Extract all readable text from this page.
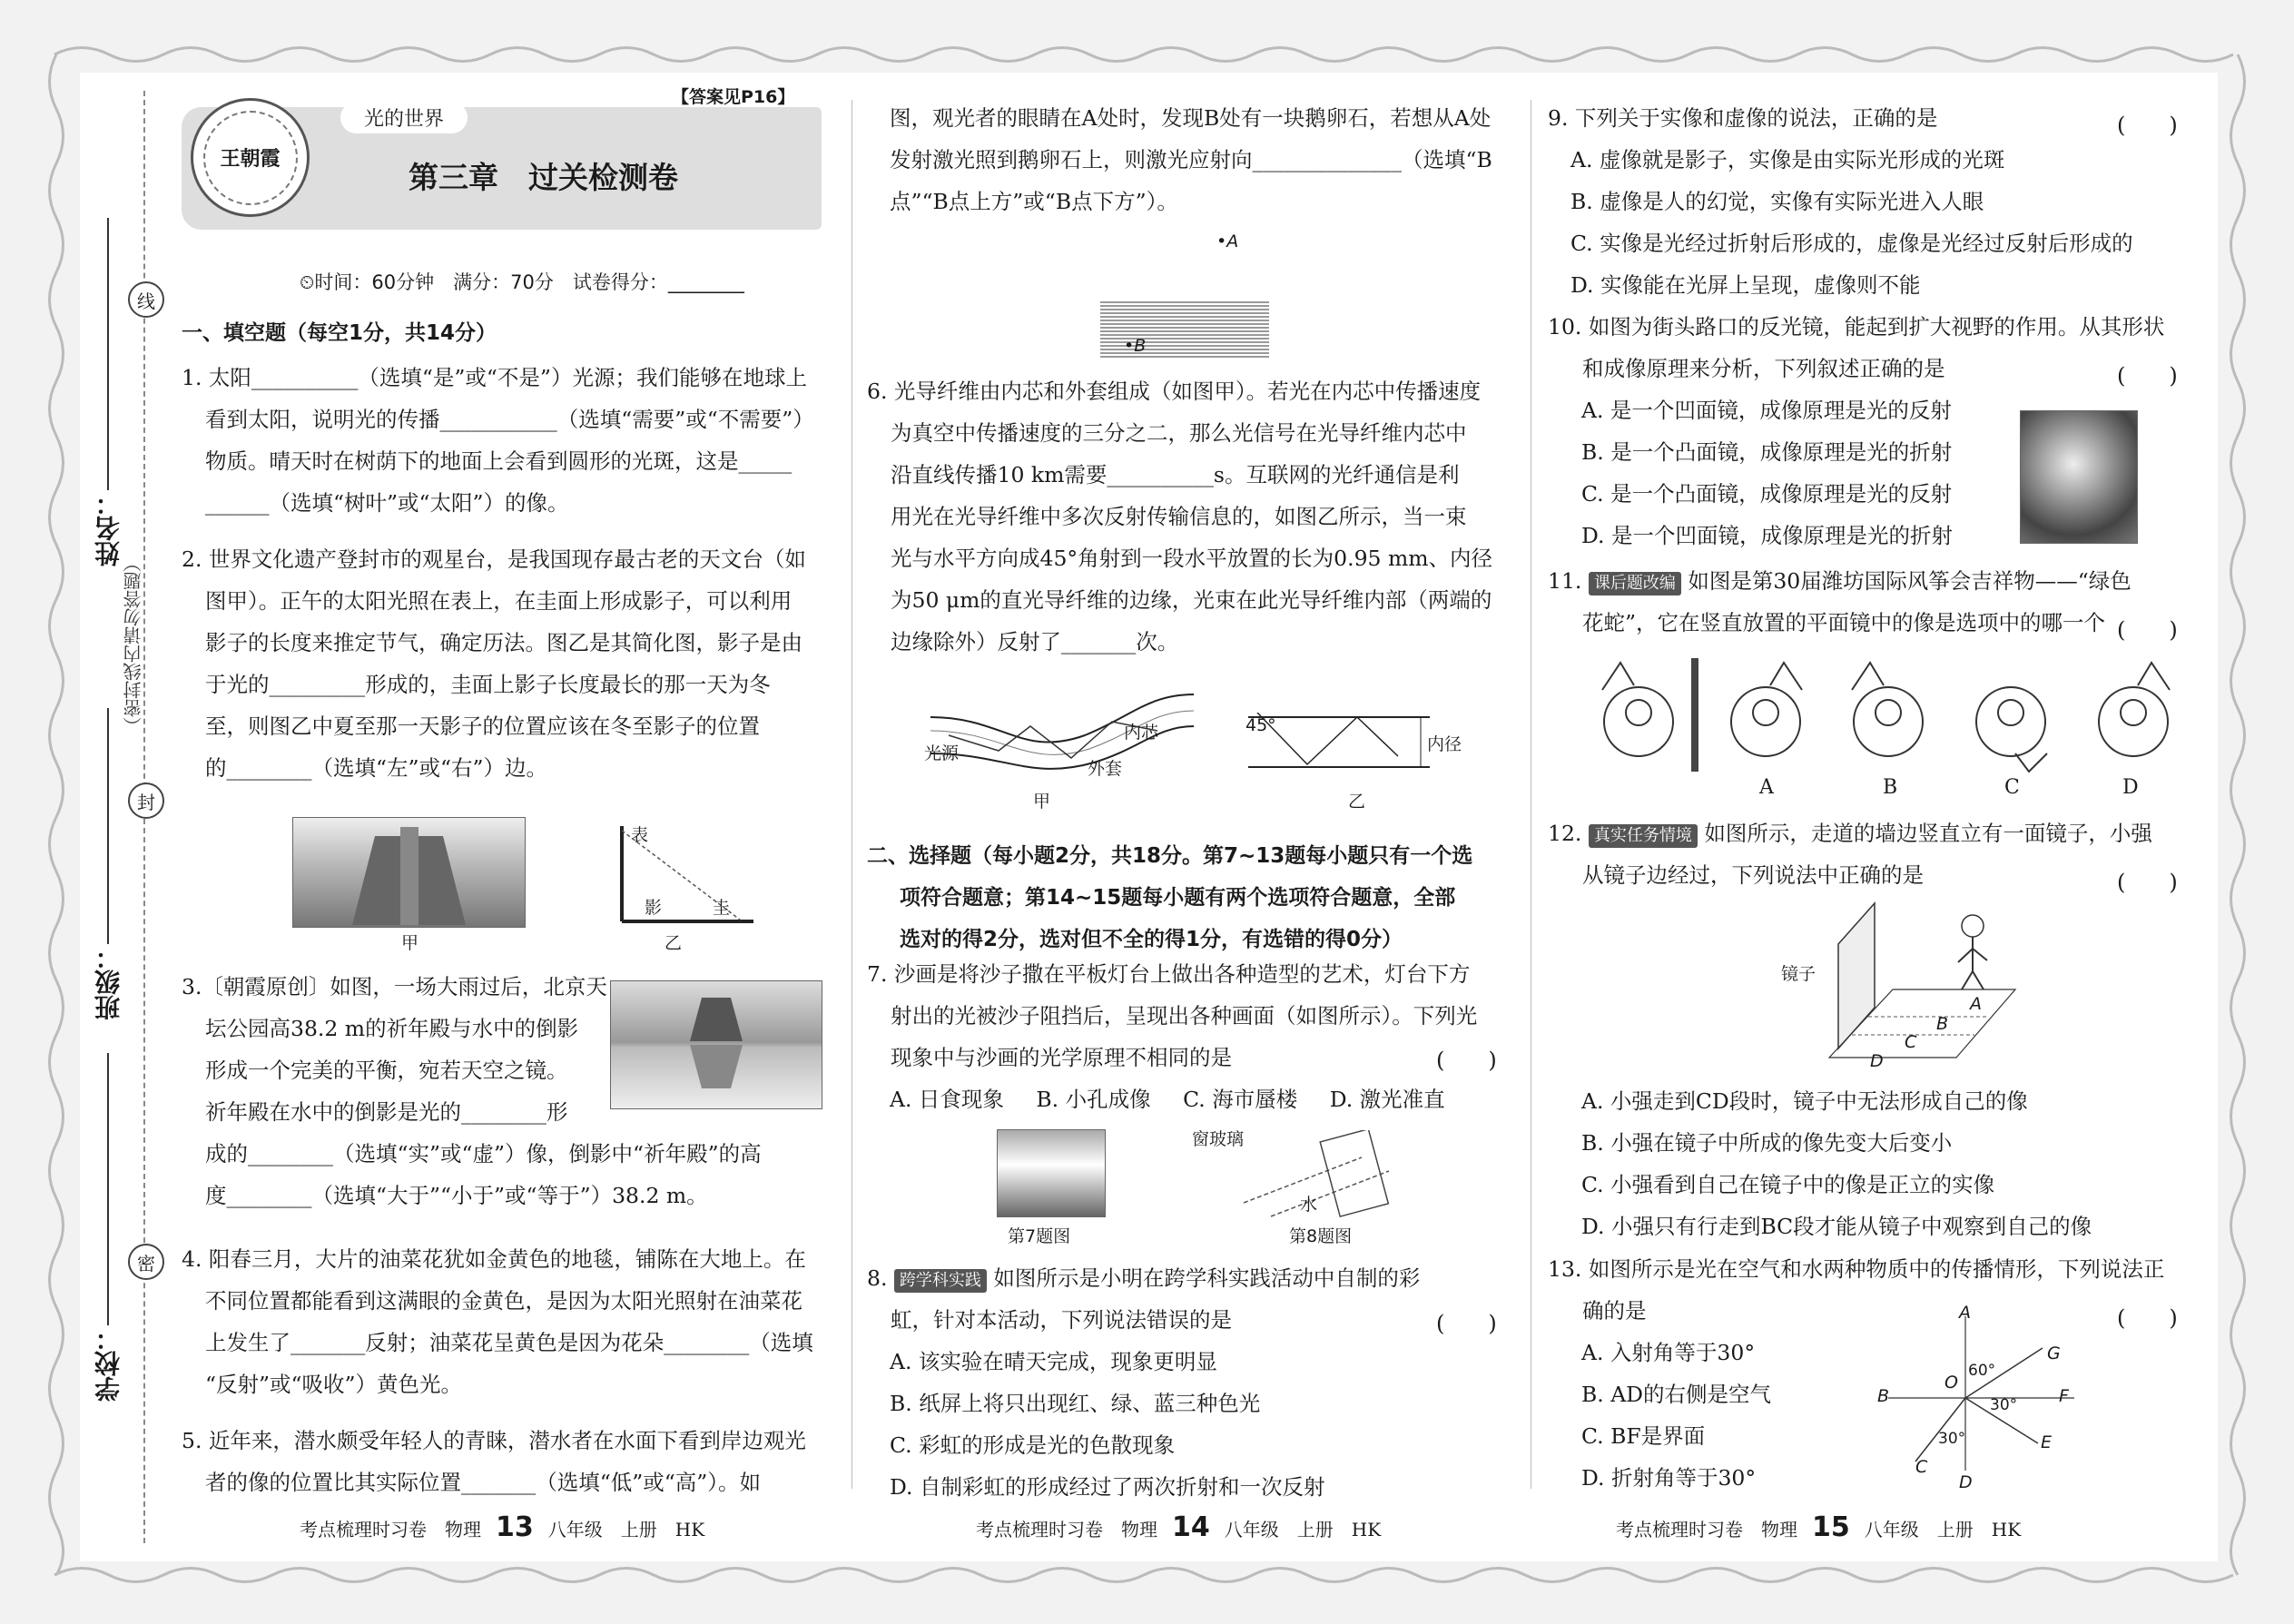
姓名：
班级：
学校：
线
封
密
（密封线内请勿答题）
【答案见P16】
王朝霞
光的世界
第三章　过关检测卷
⏲时间：60分钟　满分：70分　试卷得分：________
一、填空题（每空1分，共14分）
1. 太阳__________（选填“是”或“不是”）光源；我们能够在地球上
看到太阳，说明光的传播___________（选填“需要”或“不需要”）
物质。晴天时在树荫下的地面上会看到圆形的光斑，这是_____
______（选填“树叶”或“太阳”）的像。
2. 世界文化遗产登封市的观星台，是我国现存最古老的天文台（如
图甲）。正午的太阳光照在表上，在圭面上形成影子，可以利用
影子的长度来推定节气，确定历法。图乙是其简化图，影子是由
于光的_________形成的，圭面上影子长度最长的那一天为冬
至，则图乙中夏至那一天影子的位置应该在冬至影子的位置
的________（选填“左”或“右”）边。
甲
表
影	圭
乙
3.〔朝霞原创〕如图，一场大雨过后，北京天
坛公园高38.2 m的祈年殿与水中的倒影
形成一个完美的平衡，宛若天空之镜。
祈年殿在水中的倒影是光的________形
成的________（选填“实”或“虚”）像，倒影中“祈年殿”的高
度________（选填“大于”“小于”或“等于”）38.2 m。
4. 阳春三月，大片的油菜花犹如金黄色的地毯，铺陈在大地上。在
不同位置都能看到这满眼的金黄色，是因为太阳光照射在油菜花
上发生了_______反射；油菜花呈黄色是因为花朵________（选填
“反射”或“吸收”）黄色光。
5. 近年来，潜水颇受年轻人的青睐，潜水者在水面下看到岸边观光
者的像的位置比其实际位置_______（选填“低”或“高”）。如
图，观光者的眼睛在A处时，发现B处有一块鹅卵石，若想从A处
发射激光照到鹅卵石上，则激光应射向______________（选填“B
点”“B点上方”或“B点下方”）。
•A
•B
6. 光导纤维由内芯和外套组成（如图甲）。若光在内芯中传播速度
为真空中传播速度的三分之二，那么光信号在光导纤维内芯中
沿直线传播10 km需要__________s。互联网的光纤通信是利
用光在光导纤维中多次反射传输信息的，如图乙所示，当一束
光与水平方向成45°角射到一段水平放置的长为0.95 mm、内径
为50 μm的直光导纤维的边缘，光束在此光导纤维内部（两端的
边缘除外）反射了_______次。
光源
内芯
外套
甲
45°
内径
乙
二、选择题（每小题2分，共18分。第7~13题每小题只有一个选
项符合题意；第14~15题每小题有两个选项符合题意，全部
选对的得2分，选对但不全的得1分，有选错的得0分）
7. 沙画是将沙子撒在平板灯台上做出各种造型的艺术，灯台下方
射出的光被沙子阻挡后，呈现出各种画面（如图所示）。下列光
现象中与沙画的光学原理不相同的是	(　　)
A. 日食现象 B. 小孔成像 C. 海市蜃楼 D. 激光准直
第7题图
窗玻璃
水
第8题图
8. 跨学科实践 如图所示是小明在跨学科实践活动中自制的彩
虹，针对本活动，下列说法错误的是	(　　)
A. 该实验在晴天完成，现象更明显
B. 纸屏上将只出现红、绿、蓝三种色光
C. 彩虹的形成是光的色散现象
D. 自制彩虹的形成经过了两次折射和一次反射
9. 下列关于实像和虚像的说法，正确的是	(　　)
A. 虚像就是影子，实像是由实际光形成的光斑
B. 虚像是人的幻觉，实像有实际光进入人眼
C. 实像是光经过折射后形成的，虚像是光经过反射后形成的
D. 实像能在光屏上呈现，虚像则不能
10. 如图为街头路口的反光镜，能起到扩大视野的作用。从其形状
和成像原理来分析，下列叙述正确的是	(　　)
A. 是一个凹面镜，成像原理是光的反射
B. 是一个凸面镜，成像原理是光的折射
C. 是一个凸面镜，成像原理是光的反射
D. 是一个凹面镜，成像原理是光的折射
11. 课后题改编 如图是第30届潍坊国际风筝会吉祥物——“绿色
花蛇”，它在竖直放置的平面镜中的像是选项中的哪一个 (　　)
A	B	C	D
12. 真实任务情境 如图所示，走道的墙边竖直立有一面镜子，小强
从镜子边经过，下列说法中正确的是	(　　)
镜子
A
B
C
D
A. 小强走到CD段时，镜子中无法形成自己的像
B. 小强在镜子中所成的像先变大后变小
C. 小强看到自己在镜子中的像是正立的实像
D. 小强只有行走到BC段才能从镜子中观察到自己的像
13. 如图所示是光在空气和水两种物质中的传播情形，下列说法正
确的是	(　　)
A. 入射角等于30°
B. AD的右侧是空气
C. BF是界面
D. 折射角等于30°
A
B
C
D
E
F
G
O
60°
30°
30°
考点梳理时习卷　物理 13 八年级　上册　HK	考点梳理时习卷　物理 14 八年级　上册　HK	考点梳理时习卷　物理 15 八年级　上册　HK
